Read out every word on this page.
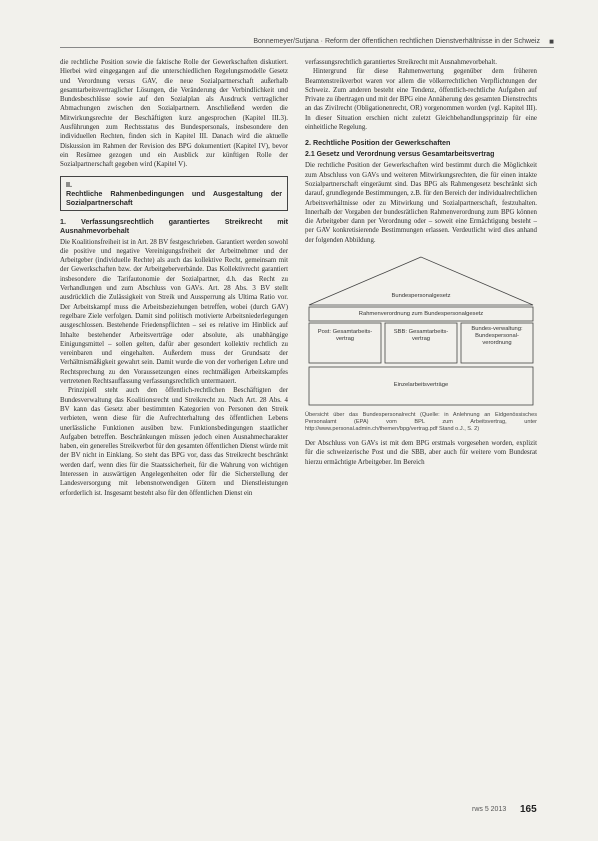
Bonnemeyer/Sutjana · Reform der öffentlichen rechtlichen Dienstverhältnisse in der Schweiz ■

die rechtliche Position sowie die faktische Rolle der Gewerkschaften diskutiert. Hierbei wird eingegangen auf die unterschiedlichen Regelungsmodelle Gesetz und Verordnung versus GAV, die neue Sozialpartnerschaft außerhalb gesamtarbeitsvertraglicher Lösungen, die Veränderung der Verbindlichkeit und Bundesbeschlüsse sowie auf den Sozialplan als Ausdruck vertraglicher Abmachungen zwischen den Sozialpartnern. Anschließend werden die Mitwirkungsrechte der Beschäftigten kurz angesprochen (Kapitel III.3). Ausführungen zum Rechtsstatus des Bundespersonals, insbesondere den individuellen Rechten, finden sich in Kapitel III. Danach wird die aktuelle Diskussion im Rahmen der Revision des BPG dokumentiert (Kapitel IV), bevor ein Resümee gezogen und ein Ausblick zur künftigen Rolle der Sozialpartnerschaft gegeben wird (Kapitel V).

II.
Rechtliche Rahmenbedingungen und Ausgestaltung der Sozialpartnerschaft
1. Verfassungsrechtlich garantiertes Streikrecht mit Ausnahmevorbehalt

Die Koalitionsfreiheit ist in Art. 28 BV festgeschrieben. Garantiert werden sowohl die positive und negative Vereinigungsfreiheit der Arbeitnehmer und der Arbeitgeber (individuelle Rechte) als auch das kollektive Recht, gemeinsam mit der Gewerkschaften bzw. der Arbeitgeberverbände. Das Kollektivrecht garantiert insbesondere die Tarifautonomie der Sozialpartner, d.h. das Recht zu Verhandlungen und zum Abschluss von GAVs. Art. 28 Abs. 3 BV stellt ausdrücklich die Zulässigkeit von Streik und Aussperrung als Ultima Ratio vor. Der Arbeitskampf muss die Arbeitsbeziehungen betreffen, wobei (durch GAV) regelbare Ziele verfolgen. Damit sind politisch motivierte Arbeitsniederlegungen ausgeschlossen. Bestehende Friedenspflichten – sei es relative im Hinblick auf Inhalte bestehender Arbeitsverträge oder absolute, als unabhängige Einigungsmittel – sollen gelten, dafür aber gesondert kollektiv rechtlich zu vereinbaren und eingehalten. Außerdem muss der Grundsatz der Verhältnismäßigkeit gewahrt sein. Damit wurde die von der vorherigen Lehre und Rechtsprechung zu den Voraussetzungen eines rechtmäßigen Arbeitskampfes vertretenen Rechtsauffassung verfassungsrechtlich untermauert.

Prinzipiell steht auch den öffentlich-rechtlichen Beschäftigten der Bundesverwaltung das Koalitionsrecht und Streikrecht zu. Nach Art. 28 Abs. 4 BV kann das Gesetz aber bestimmten Kategorien von Personen den Streik verbieten, wenn diese für die Aufrechterhaltung des öffentlichen Lebens unerlässliche Funktionen ausüben bzw. Funktionsbedingungen staatlicher Aufgaben betreffen. Beschränkungen müssen jedoch einen Ausnahmecharakter haben, ein generelles Streikverbot für den gesamten öffentlichen Dienst würde mit der BV nicht in Einklang. So steht das BPG vor, dass das Streikrecht beschränkt werden darf, wenn dies für die Staatssicherheit, für die Wahrung von wichtigen Interessen in auswärtigen Angelegenheiten oder für die Sicherstellung der Landesversorgung mit lebensnotwendigen Gütern und Dienstleistungen erforderlich ist. Insgesamt besteht also für den öffentlichen Dienst ein

verfassungsrechtlich garantiertes Streikrecht mit Ausnahmevorbehalt.

Hintergrund für diese Rahmenwertung gegenüber dem früheren Beamtenstreikverbot waren vor allem die völkerrechtlichen Verpflichtungen der Schweiz. Zum anderen besteht eine Tendenz, öffentlich-rechtliche Aufgaben auf Private zu übertragen und mit der BPG eine Annäherung des gesamten Dienstrechts an das Zivilrecht (Obligationenrecht, OR) vorgenommen worden (vgl. Kapitel III). In dieser Situation erschien nicht zuletzt Gleichbehandlungsprinzip für eine einheitliche Regelung.

2. Rechtliche Position der Gewerkschaften
2.1 Gesetz und Verordnung versus Gesamtarbeitsvertrag

Die rechtliche Position der Gewerkschaften wird bestimmt durch die Möglichkeit zum Abschluss von GAVs und weiteren Mitwirkungsrechten, die für einen intakte Sozialpartnerschaft eingeräumt sind. Das BPG als Rahmengesetz beschränkt sich darauf, grundlegende Bestimmungen, z.B. für den Bereich der individualrechtlichen Arbeitsverhältnisse oder zu Mitwirkung und Sozialpartnerschaft, festzuhalten. Innerhalb der Vorgaben der bundesrätlichen Rahmenverordnung zum BPG können die Arbeitgeber dann per Verordnung oder – soweit eine Ermächtigung besteht – per GAV konkretisierende Bestimmungen erlassen. Verdeutlicht wird dies anhand der folgenden Abbildung.

Bundespersonalgesetz
Rahmenverordnung zum Bundespersonalgesetz
Post: Gesamtarbeits-vertrag
SBB: Gesamtarbeits-vertrag
Bundes-verwaltung: Bundespersonal-verordnung
Einzelarbeitsverträge
Übersicht über das Bundespersonalrecht (Quelle: in Anlehnung an Eidgenössisches Personalamt (EPA) vom BPL zum Arbeitsvertrag, unter http://www.personal.admin.ch/themen/bpg/vertrag.pdf Stand o.J., S. 2)

Der Abschluss von GAVs ist mit dem BPG erstmals vorgesehen worden, explizit für die schweizerische Post und die SBB, aber auch für weitere vom Bundesrat hierzu ermächtigte Arbeitgeber. Im Bereich

rws 5 2013 165
